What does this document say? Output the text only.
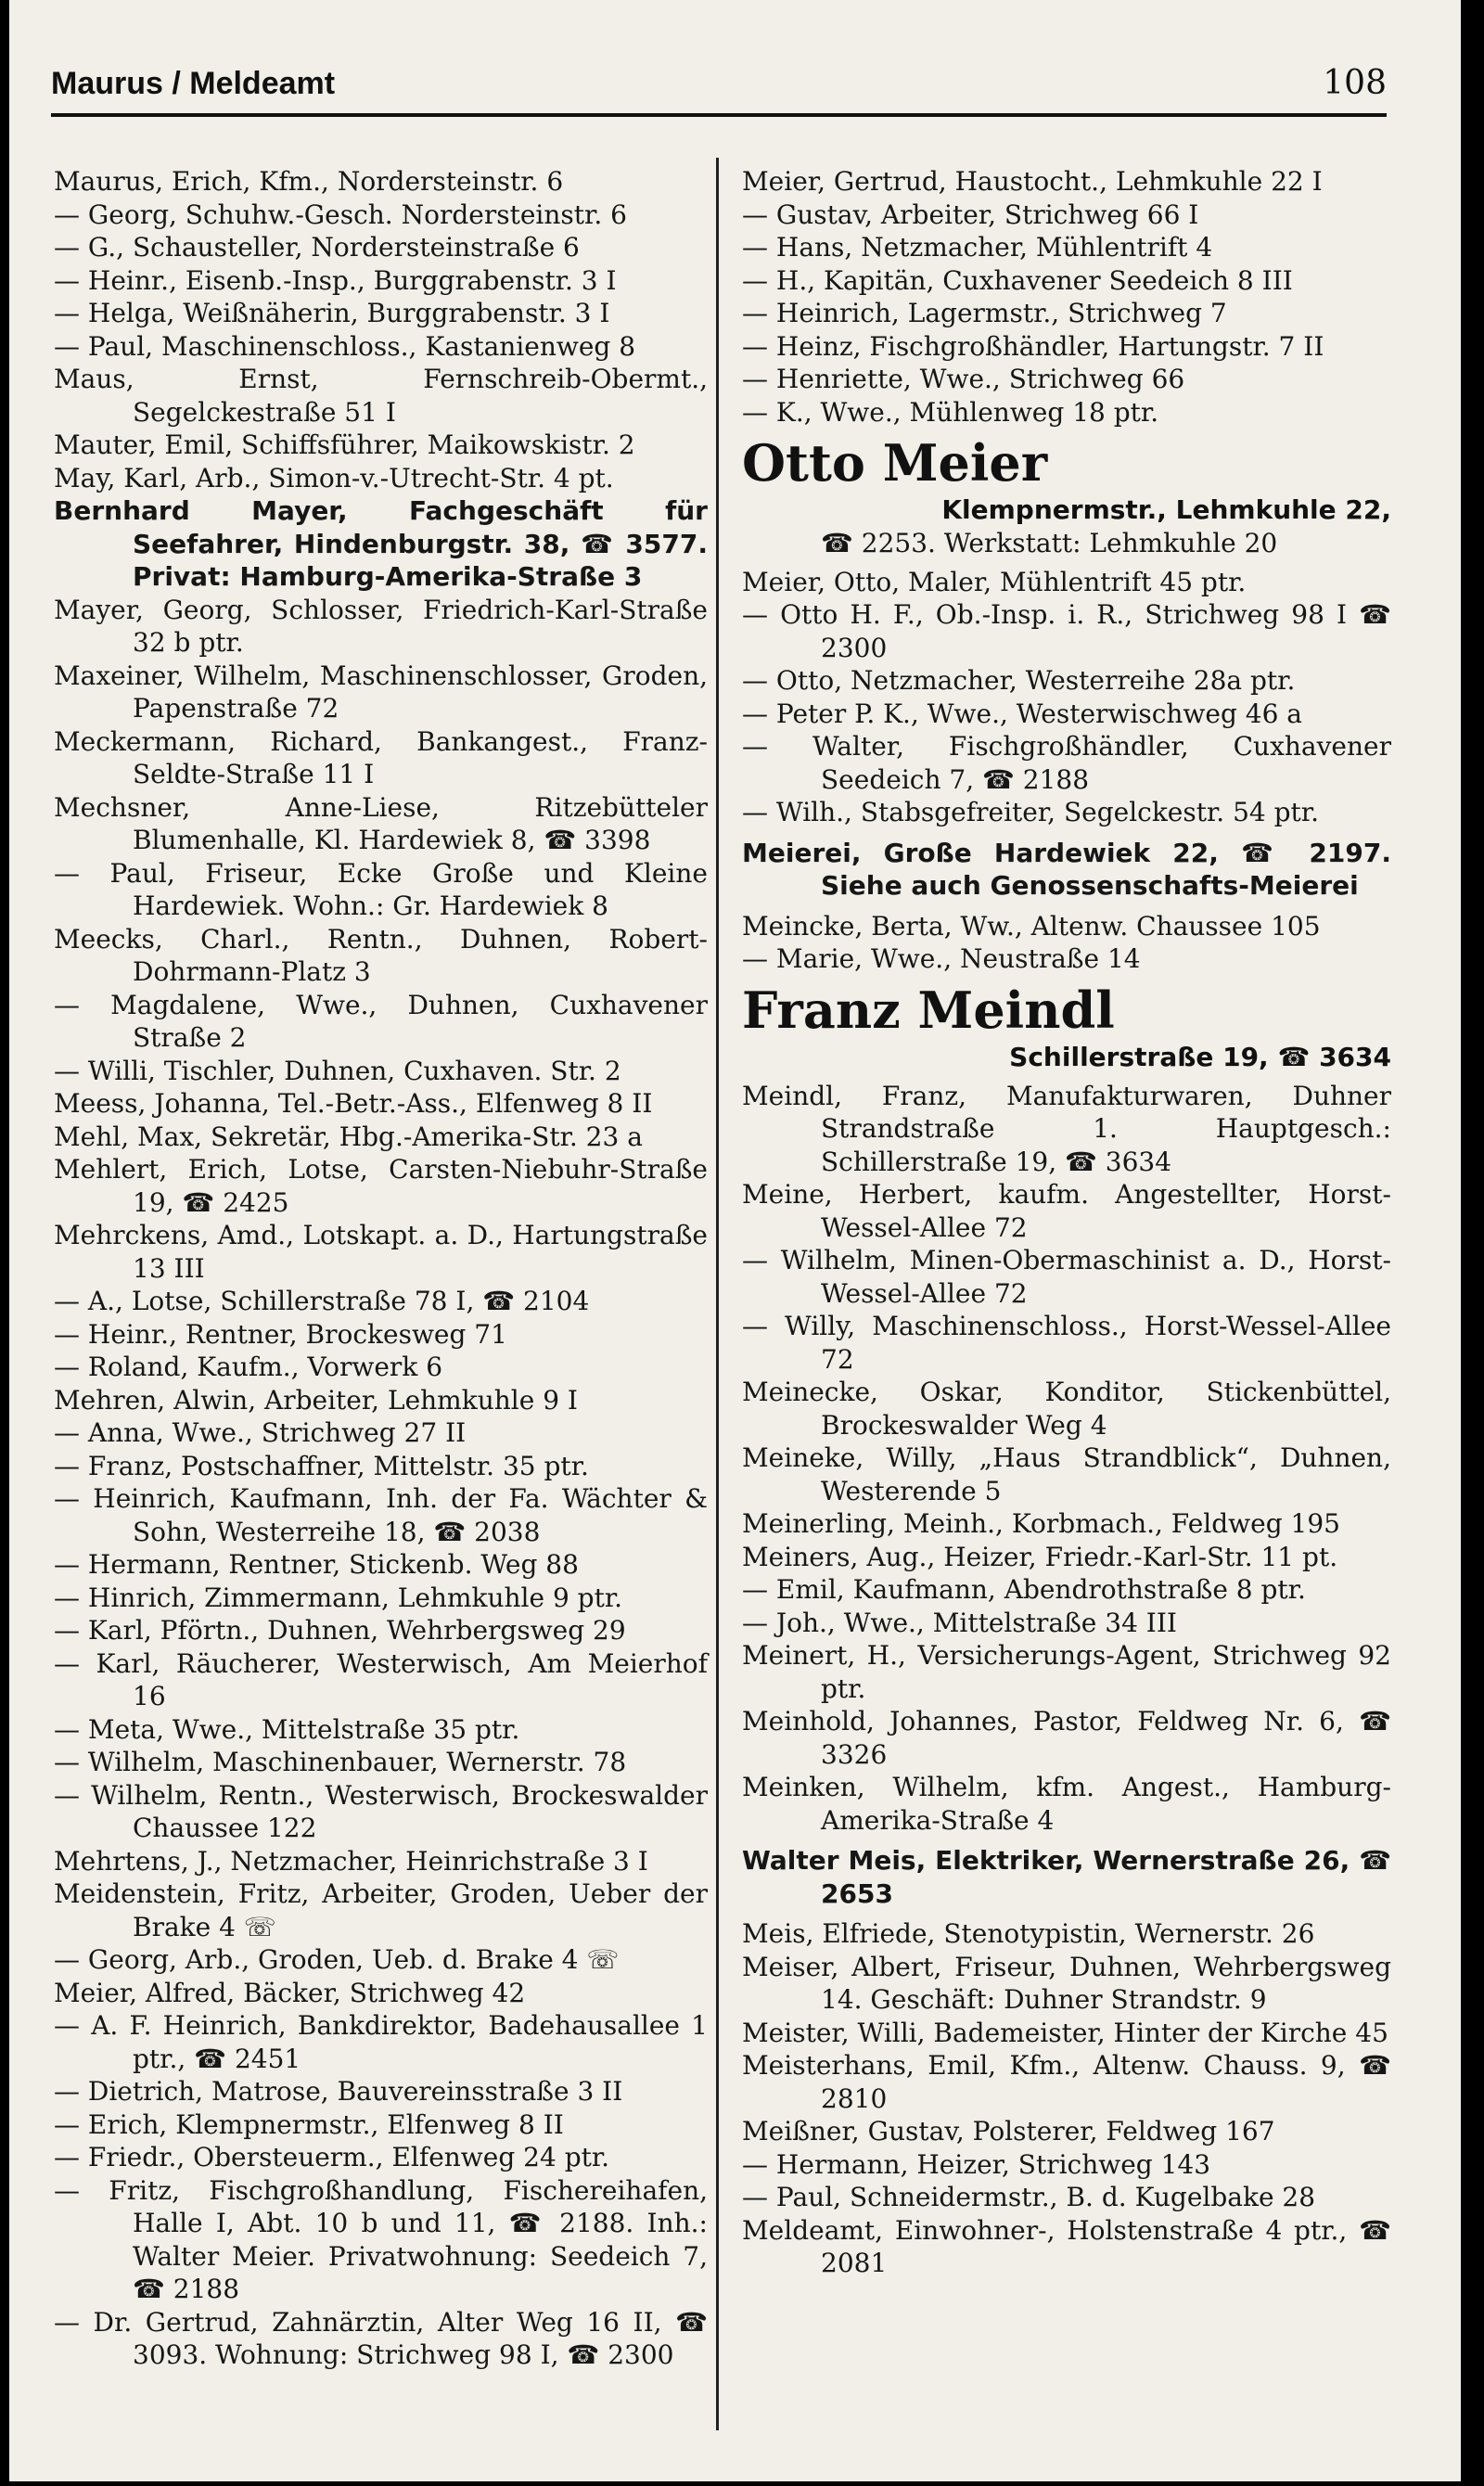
Maurus / Meldeamt	108

Maurus, Erich, Kfm., Nordersteinstr. 6

— Georg, Schuhw.-Gesch. Nordersteinstr. 6

— G., Schausteller, Nordersteinstraße 6

— Heinr., Eisenb.-Insp., Burggrabenstr. 3 I

— Helga, Weißnäherin, Burggrabenstr. 3 I

— Paul, Maschinenschloss., Kastanienweg 8

Maus, Ernst, Fernschreib-Obermt., Segelckestraße 51 I

Mauter, Emil, Schiffsführer, Maikowskistr. 2

May, Karl, Arb., Simon-v.-Utrecht-Str. 4 pt.

Bernhard Mayer, Fachgeschäft für Seefahrer, Hindenburgstr. 38, ☎ 3577. Privat: Hamburg-Amerika-Straße 3

Mayer, Georg, Schlosser, Friedrich-Karl-Straße 32 b ptr.

Maxeiner, Wilhelm, Maschinenschlosser, Groden, Papenstraße 72

Meckermann, Richard, Bankangest., Franz-Seldte-Straße 11 I

Mechsner, Anne-Liese, Ritzebütteler Blumenhalle, Kl. Hardewiek 8, ☎ 3398

— Paul, Friseur, Ecke Große und Kleine Hardewiek. Wohn.: Gr. Hardewiek 8

Meecks, Charl., Rentn., Duhnen, Robert-Dohrmann-Platz 3

— Magdalene, Wwe., Duhnen, Cuxhavener Straße 2

— Willi, Tischler, Duhnen, Cuxhaven. Str. 2

Meess, Johanna, Tel.-Betr.-Ass., Elfenweg 8 II

Mehl, Max, Sekretär, Hbg.-Amerika-Str. 23 a

Mehlert, Erich, Lotse, Carsten-Niebuhr-Straße 19, ☎ 2425

Mehrckens, Amd., Lotskapt. a. D., Hartungstraße 13 III

— A., Lotse, Schillerstraße 78 I, ☎ 2104

— Heinr., Rentner, Brockesweg 71

— Roland, Kaufm., Vorwerk 6

Mehren, Alwin, Arbeiter, Lehmkuhle 9 I

— Anna, Wwe., Strichweg 27 II

— Franz, Postschaffner, Mittelstr. 35 ptr.

— Heinrich, Kaufmann, Inh. der Fa. Wächter & Sohn, Westerreihe 18, ☎ 2038

— Hermann, Rentner, Stickenb. Weg 88

— Hinrich, Zimmermann, Lehmkuhle 9 ptr.

— Karl, Pförtn., Duhnen, Wehrbergsweg 29

— Karl, Räucherer, Westerwisch, Am Meierhof 16

— Meta, Wwe., Mittelstraße 35 ptr.

— Wilhelm, Maschinenbauer, Wernerstr. 78

— Wilhelm, Rentn., Westerwisch, Brockeswalder Chaussee 122

Mehrtens, J., Netzmacher, Heinrichstraße 3 I

Meidenstein, Fritz, Arbeiter, Groden, Ueber der Brake 4 ☏

— Georg, Arb., Groden, Ueb. d. Brake 4 ☏

Meier, Alfred, Bäcker, Strichweg 42

— A. F. Heinrich, Bankdirektor, Badehausallee 1 ptr., ☎ 2451

— Dietrich, Matrose, Bauvereinsstraße 3 II

— Erich, Klempnermstr., Elfenweg 8 II

— Friedr., Obersteuerm., Elfenweg 24 ptr.

— Fritz, Fischgroßhandlung, Fischereihafen, Halle I, Abt. 10 b und 11, ☎ 2188. Inh.: Walter Meier. Privatwohnung: Seedeich 7, ☎ 2188

— Dr. Gertrud, Zahnärztin, Alter Weg 16 II, ☎ 3093. Wohnung: Strichweg 98 I, ☎ 2300

Meier, Gertrud, Haustocht., Lehmkuhle 22 I

— Gustav, Arbeiter, Strichweg 66 I

— Hans, Netzmacher, Mühlentrift 4

— H., Kapitän, Cuxhavener Seedeich 8 III

— Heinrich, Lagermstr., Strichweg 7

— Heinz, Fischgroßhändler, Hartungstr. 7 II

— Henriette, Wwe., Strichweg 66

— K., Wwe., Mühlenweg 18 ptr.

Otto Meier
Klempnermstr., Lehmkuhle 22,

☎ 2253. Werkstatt: Lehmkuhle 20

Meier, Otto, Maler, Mühlentrift 45 ptr.

— Otto H. F., Ob.-Insp. i. R., Strichweg 98 I ☎ 2300

— Otto, Netzmacher, Westerreihe 28a ptr.

— Peter P. K., Wwe., Westerwischweg 46 a

— Walter, Fischgroßhändler, Cuxhavener Seedeich 7, ☎ 2188

— Wilh., Stabsgefreiter, Segelckestr. 54 ptr.

Meierei, Große Hardewiek 22, ☎ 2197. Siehe auch Genossenschafts-Meierei

Meincke, Berta, Ww., Altenw. Chaussee 105

— Marie, Wwe., Neustraße 14

Franz Meindl
Schillerstraße 19, ☎ 3634

Meindl, Franz, Manufakturwaren, Duhner Strandstraße 1. Hauptgesch.: Schillerstraße 19, ☎ 3634

Meine, Herbert, kaufm. Angestellter, Horst-Wessel-Allee 72

— Wilhelm, Minen-Obermaschinist a. D., Horst-Wessel-Allee 72

— Willy, Maschinenschloss., Horst-Wessel-Allee 72

Meinecke, Oskar, Konditor, Stickenbüttel, Brockeswalder Weg 4

Meineke, Willy, „Haus Strandblick“, Duhnen, Westerende 5

Meinerling, Meinh., Korbmach., Feldweg 195

Meiners, Aug., Heizer, Friedr.-Karl-Str. 11 pt.

— Emil, Kaufmann, Abendrothstraße 8 ptr.

— Joh., Wwe., Mittelstraße 34 III

Meinert, H., Versicherungs-Agent, Strichweg 92 ptr.

Meinhold, Johannes, Pastor, Feldweg Nr. 6, ☎ 3326

Meinken, Wilhelm, kfm. Angest., Hamburg-Amerika-Straße 4

Walter Meis, Elektriker, Wernerstraße 26, ☎ 2653

Meis, Elfriede, Stenotypistin, Wernerstr. 26

Meiser, Albert, Friseur, Duhnen, Wehrbergsweg 14. Geschäft: Duhner Strandstr. 9

Meister, Willi, Bademeister, Hinter der Kirche 45

Meisterhans, Emil, Kfm., Altenw. Chauss. 9, ☎ 2810

Meißner, Gustav, Polsterer, Feldweg 167

— Hermann, Heizer, Strichweg 143

— Paul, Schneidermstr., B. d. Kugelbake 28

Meldeamt, Einwohner-, Holstenstraße 4 ptr., ☎ 2081
